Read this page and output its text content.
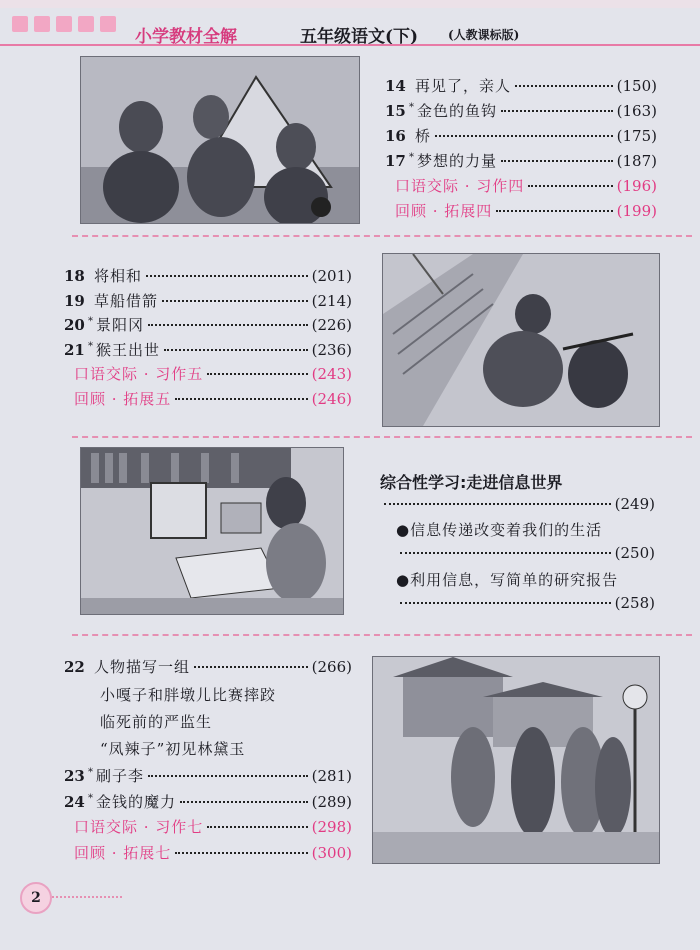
小学教材全解	五年级语文(下) (人教课标版)
14 再见了，亲人	(150)
15 * 金色的鱼钩	(163)
16 桥	(175)
17 * 梦想的力量	(187)
口语交际 · 习作四	(196)
回顾 · 拓展四	(199)
18 将相和	(201)
19 草船借箭	(214)
20 * 景阳冈	(226)
21 * 猴王出世	(236)
口语交际 · 习作五	(243)
回顾 · 拓展五	(246)
综合性学习:走进信息世界
(249)
●信息传递改变着我们的生活
(250)
●利用信息，写简单的研究报告
(258)
22 人物描写一组	(266)
小嘎子和胖墩儿比赛摔跤
临死前的严监生
“凤辣子”初见林黛玉
23 * 刷子李	(281)
24 * 金钱的魔力	(289)
口语交际 · 习作七	(298)
回顾 · 拓展七	(300)
2
